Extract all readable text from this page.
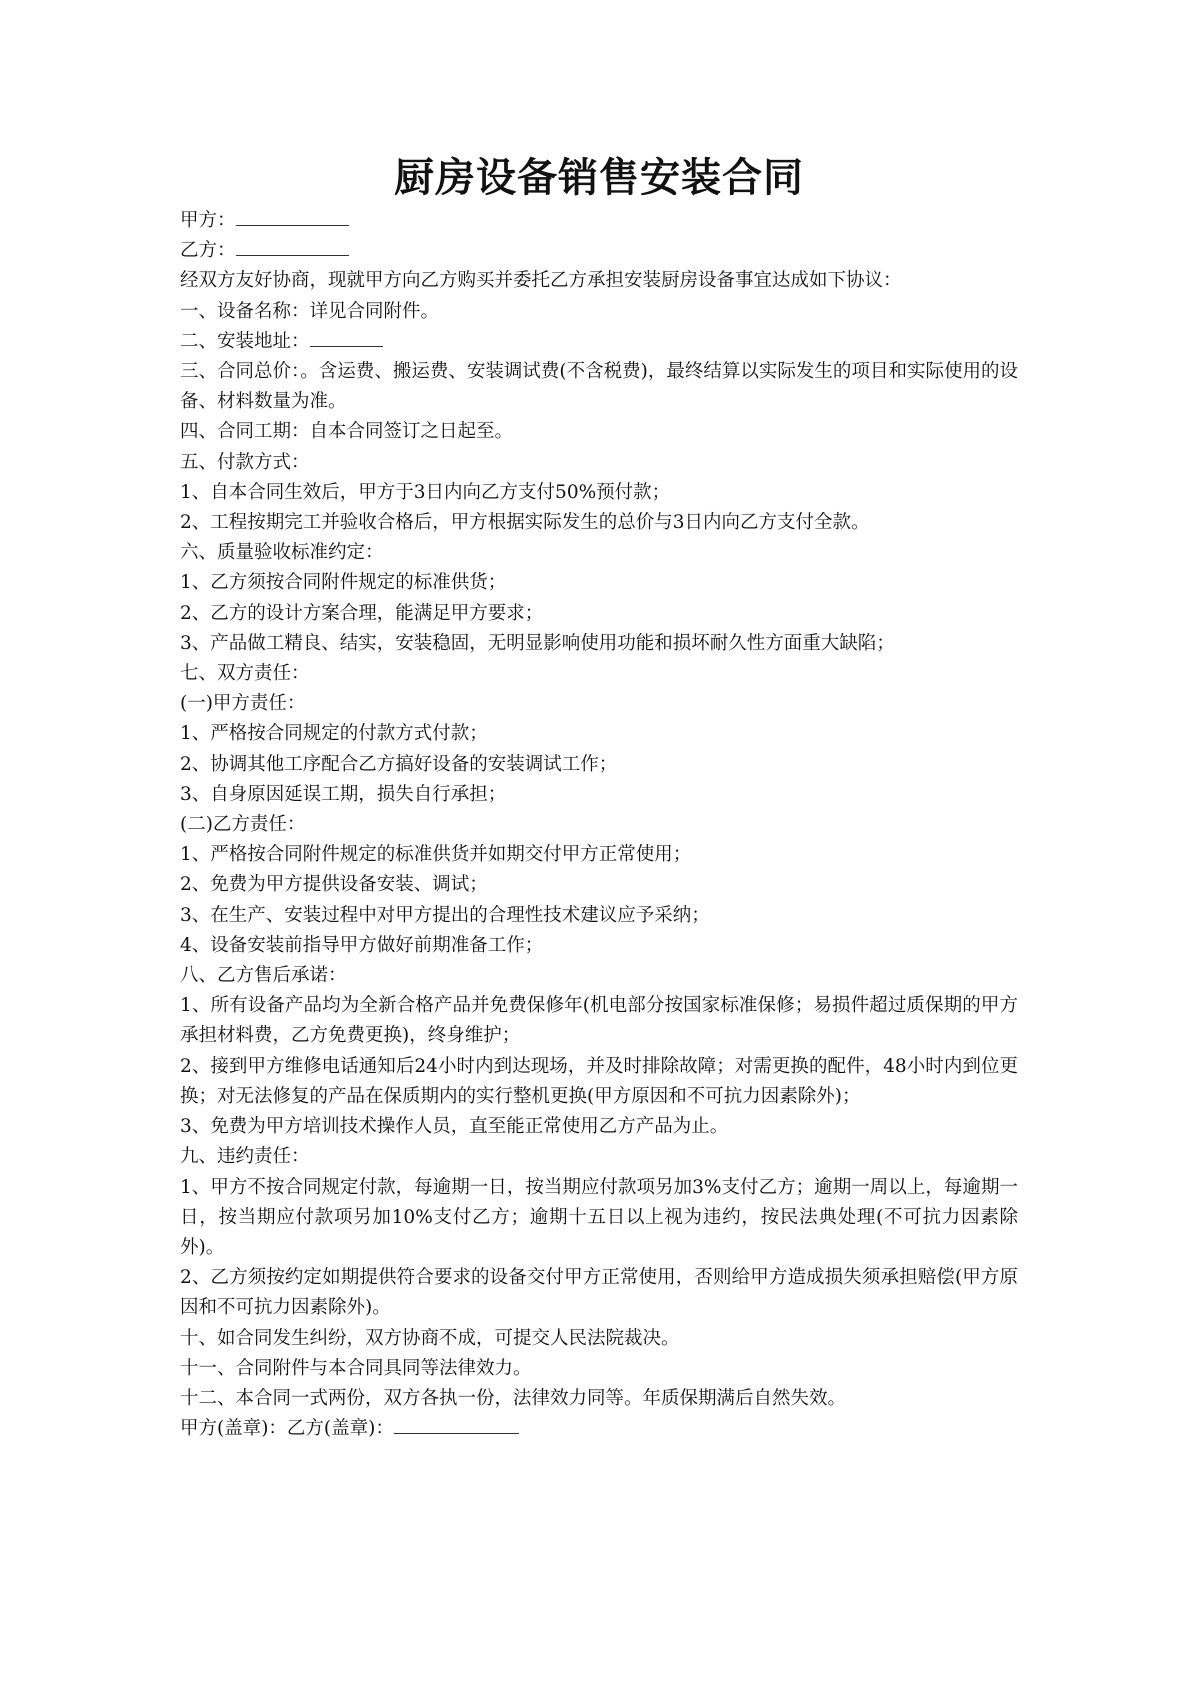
厨房设备销售安装合同

甲方：

乙方：

经双方友好协商，现就甲方向乙方购买并委托乙方承担安装厨房设备事宜达成如下协议：

一、设备名称：详见合同附件。

二、安装地址：

三、合同总价：。含运费、搬运费、安装调试费(不含税费)，最终结算以实际发生的项目和实际使用的设备、材料数量为准。

四、合同工期：自本合同签订之日起至。

五、付款方式：

1、自本合同生效后，甲方于3日内向乙方支付50%预付款；

2、工程按期完工并验收合格后，甲方根据实际发生的总价与3日内向乙方支付全款。

六、质量验收标准约定：

1、乙方须按合同附件规定的标准供货；

2、乙方的设计方案合理，能满足甲方要求；

3、产品做工精良、结实，安装稳固，无明显影响使用功能和损坏耐久性方面重大缺陷；

七、双方责任：

(一)甲方责任：

1、严格按合同规定的付款方式付款；

2、协调其他工序配合乙方搞好设备的安装调试工作；

3、自身原因延误工期，损失自行承担；

(二)乙方责任：

1、严格按合同附件规定的标准供货并如期交付甲方正常使用；

2、免费为甲方提供设备安装、调试；

3、在生产、安装过程中对甲方提出的合理性技术建议应予采纳；

4、设备安装前指导甲方做好前期准备工作；

八、乙方售后承诺：

1、所有设备产品均为全新合格产品并免费保修年(机电部分按国家标准保修；易损件超过质保期的甲方承担材料费，乙方免费更换)，终身维护；

2、接到甲方维修电话通知后24小时内到达现场，并及时排除故障；对需更换的配件，48小时内到位更换；对无法修复的产品在保质期内的实行整机更换(甲方原因和不可抗力因素除外)；

3、免费为甲方培训技术操作人员，直至能正常使用乙方产品为止。

九、违约责任：

1、甲方不按合同规定付款，每逾期一日，按当期应付款项另加3%支付乙方；逾期一周以上，每逾期一日，按当期应付款项另加10%支付乙方；逾期十五日以上视为违约，按民法典处理(不可抗力因素除外)。

2、乙方须按约定如期提供符合要求的设备交付甲方正常使用，否则给甲方造成损失须承担赔偿(甲方原因和不可抗力因素除外)。

十、如合同发生纠纷，双方协商不成，可提交人民法院裁决。

十一、合同附件与本合同具同等法律效力。

十二、本合同一式两份，双方各执一份，法律效力同等。年质保期满后自然失效。

甲方(盖章)：乙方(盖章)：
